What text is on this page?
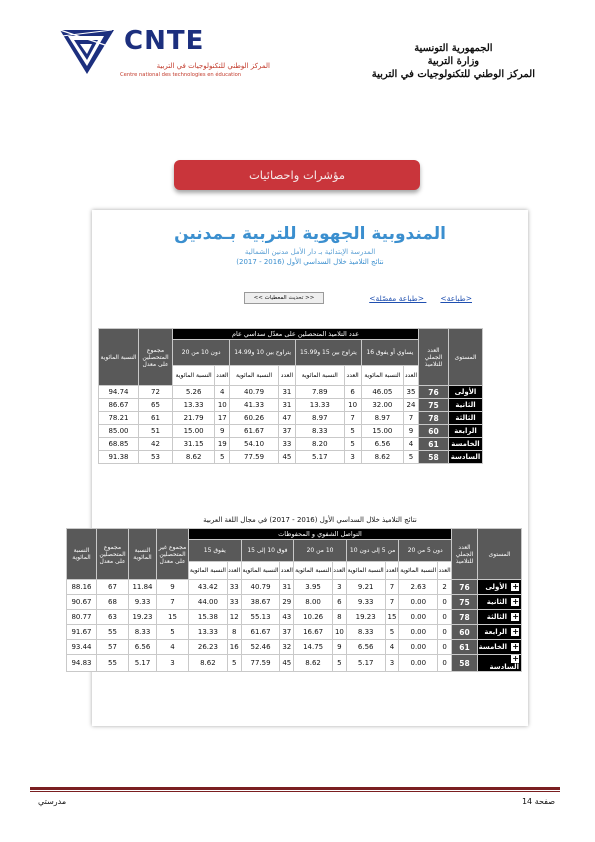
CNTE
المركز الوطني للتكنولوجيات في التربية
Centre national des technologies en éducation
الجمهورية التونسية
وزارة التربية
المركز الوطني للتكنولوجيات في التربية
مؤشرات واحصائيات
المندوبية الجهوية للتربية بـمدنين
المدرسة الإبتدائية بـ دار الأمل مدنين الشمالية
نتائج التلاميذ خلال السداسي الأول (2016 - 2017)
<طباعة> <طباعة مفصّلة>
<< تحديث المعطيات >>
المستوى	العدد الجملي للتلاميذ	عدد التلاميذ المتحصلين على معدّل سداسي عام								مجموع المتحصلين على معدل	النسبة المائوية
		يساوي أو يفوق 16		يتراوح بين 15 و15.99		يتراوح بين 10 و14.99		دون 10 من 20			
		العدد	النسبة المائوية	العدد	النسبة المائوية	العدد	النسبة المائوية	العدد	النسبة المائوية		
الأولى	76	35	46.05	6	7.89	31	40.79	4	5.26	72	94.74
الثانية	75	24	32.00	10	13.33	31	41.33	10	13.33	65	86.67
الثالثة	78	7	8.97	7	8.97	47	60.26	17	21.79	61	78.21
الرابعة	60	9	15.00	5	8.33	37	61.67	9	15.00	51	85.00
الخامسة	61	4	6.56	5	8.20	33	54.10	19	31.15	42	68.85
السادسة	58	5	8.62	3	5.17	45	77.59	5	8.62	53	91.38
نتائج التلاميذ خلال السداسي الأول (2016 - 2017) في مجال اللغة العربية
المستوى	العدد الجملي للتلاميذ	التواصل الشفوي و المحفوظات										مجموع غير المتحصلين على معدل	النسبة المائوية	مجموع المتحصلين على معدل	النسبة المائوية
		دون 5 من 20		من 5 إلى دون 10		10 من 20		فوق 10 إلى 15		يفوق 15					
		العدد	النسبة المائوية	العدد	النسبة المائوية	العدد	النسبة المائوية	العدد	النسبة المائوية	العدد	النسبة المائوية				
+الأولى	76	2	2.63	7	9.21	3	3.95	31	40.79	33	43.42	9	11.84	67	88.16
+الثانية	75	0	0.00	7	9.33	6	8.00	29	38.67	33	44.00	7	9.33	68	90.67
+الثالثة	78	0	0.00	15	19.23	8	10.26	43	55.13	12	15.38	15	19.23	63	80.77
+الرابعة	60	0	0.00	5	8.33	10	16.67	37	61.67	8	13.33	5	8.33	55	91.67
+الخامسة	61	0	0.00	4	6.56	9	14.75	32	52.46	16	26.23	4	6.56	57	93.44
+السادسة	58	0	0.00	3	5.17	5	8.62	45	77.59	5	8.62	3	5.17	55	94.83
مدرستي	صفحة 14
